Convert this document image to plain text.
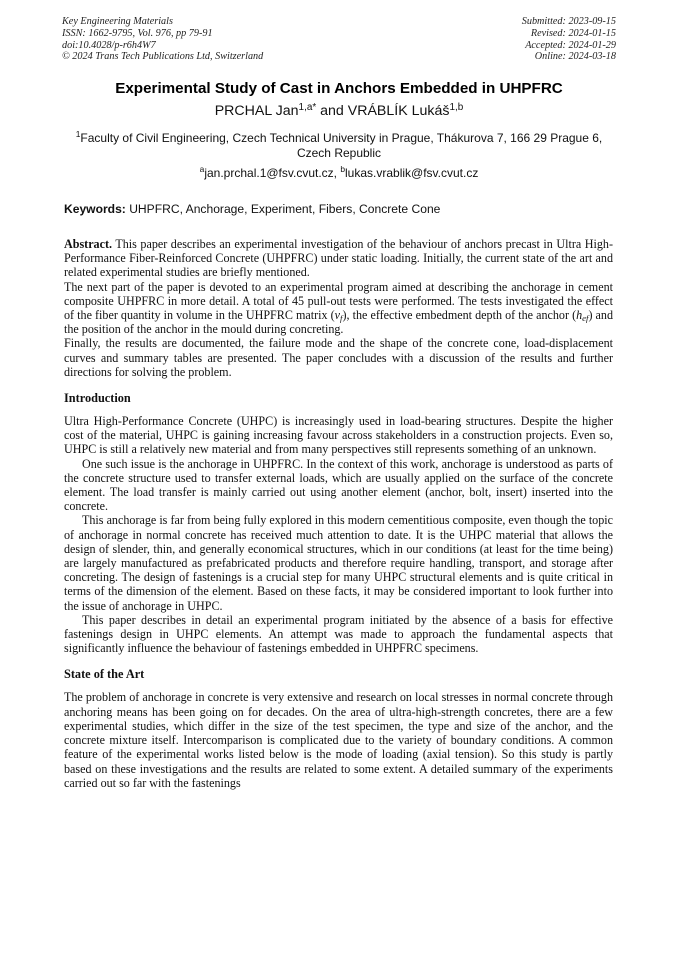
Key Engineering Materials
ISSN: 1662-9795, Vol. 976, pp 79-91
doi:10.4028/p-r6h4W7
© 2024 Trans Tech Publications Ltd, Switzerland
Submitted: 2023-09-15
Revised: 2024-01-15
Accepted: 2024-01-29
Online: 2024-03-18
Experimental Study of Cast in Anchors Embedded in UHPFRC
PRCHAL Jan$^{1,a*}$ and VRÁBLÍK Lukáš$^{1,b}$
$^1$Faculty of Civil Engineering, Czech Technical University in Prague, Thákurova 7, 166 29 Prague 6, Czech Republic
$^a$jan.prchal.1@fsv.cvut.cz, $^b$lukas.vrablik@fsv.cvut.cz
Keywords: UHPFRC, Anchorage, Experiment, Fibers, Concrete Cone

Abstract. This paper describes an experimental investigation of the behaviour of anchors precast in Ultra High-Performance Fiber-Reinforced Concrete (UHPFRC) under static loading. Initially, the current state of the art and related experimental studies are briefly mentioned.

The next part of the paper is devoted to an experimental program aimed at describing the anchorage in cement composite UHPFRC in more detail. A total of 45 pull-out tests were performed. The tests investigated the effect of the fiber quantity in volume in the UHPFRC matrix $(v_f)$, the effective embedment depth of the anchor $(h_{ef})$ and the position of the anchor in the mould during concreting.

Finally, the results are documented, the failure mode and the shape of the concrete cone, load-displacement curves and summary tables are presented. The paper concludes with a discussion of the results and further directions for solving the problem.

Introduction

Ultra High-Performance Concrete (UHPC) is increasingly used in load-bearing structures. Despite the higher cost of the material, UHPC is gaining increasing favour across stakeholders in a construction projects. Even so, UHPC is still a relatively new material and from many perspectives still represents something of an unknown.

One such issue is the anchorage in UHPFRC. In the context of this work, anchorage is understood as parts of the concrete structure used to transfer external loads, which are usually applied on the surface of the concrete element. The load transfer is mainly carried out using another element (anchor, bolt, insert) inserted into the concrete.

This anchorage is far from being fully explored in this modern cementitious composite, even though the topic of anchorage in normal concrete has received much attention to date. It is the UHPC material that allows the design of slender, thin, and generally economical structures, which in our conditions (at least for the time being) are largely manufactured as prefabricated products and therefore require handling, transport, and storage after concreting. The design of fastenings is a crucial step for many UHPC structural elements and is quite critical in terms of the dimension of the element. Based on these facts, it may be considered important to look further into the issue of anchorage in UHPC.

This paper describes in detail an experimental program initiated by the absence of a basis for effective fastenings design in UHPC elements. An attempt was made to approach the fundamental aspects that significantly influence the behaviour of fastenings embedded in UHPFRC specimens.

State of the Art

The problem of anchorage in concrete is very extensive and research on local stresses in normal concrete through anchoring means has been going on for decades. On the area of ultra-high-strength concretes, there are a few experimental studies, which differ in the size of the test specimen, the type and size of the anchor, and the concrete mixture itself. Intercomparison is complicated due to the variety of boundary conditions. A common feature of the experimental works listed below is the mode of loading (axial tension). So this study is partly based on these investigations and the results are related to some extent. A detailed summary of the experiments carried out so far with the fastenings
